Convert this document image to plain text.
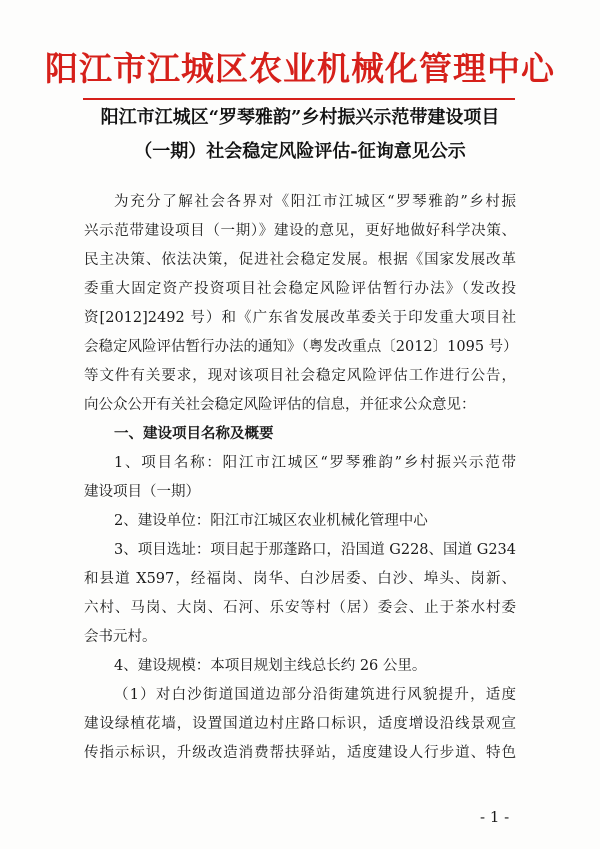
阳江市江城区农业机械化管理中心
阳江市江城区“罗琴雅韵”乡村振兴示范带建设项目
（一期）社会稳定风险评估-征询意见公示
为充分了解社会各界对《阳江市江城区“罗琴雅韵”乡村振
兴示范带建设项目（一期）》建设的意见，更好地做好科学决策、
民主决策、依法决策，促进社会稳定发展。根据《国家发展改革
委重大固定资产投资项目社会稳定风险评估暂行办法》（发改投
资[2012]2492 号）和《广东省发展改革委关于印发重大项目社
会稳定风险评估暂行办法的通知》（粤发改重点〔2012〕1095 号）
等文件有关要求，现对该项目社会稳定风险评估工作进行公告，
向公众公开有关社会稳定风险评估的信息，并征求公众意见：
一、建设项目名称及概要
1、项目名称：阳江市江城区“罗琴雅韵”乡村振兴示范带
建设项目（一期）
2、建设单位：阳江市江城区农业机械化管理中心
3、项目选址：项目起于那蓬路口，沿国道 G228、国道 G234
和县道 X597，经福岗、岗华、白沙居委、白沙、埠头、岗新、
六村、马岗、大岗、石河、乐安等村（居）委会、止于茶水村委
会书元村。
4、建设规模：本项目规划主线总长约 26 公里。
（1）对白沙街道国道边部分沿街建筑进行风貌提升，适度
建设绿植花墙，设置国道边村庄路口标识，适度增设沿线景观宣
传指示标识，升级改造消费帮扶驿站，适度建设人行步道、特色
- 1 -
